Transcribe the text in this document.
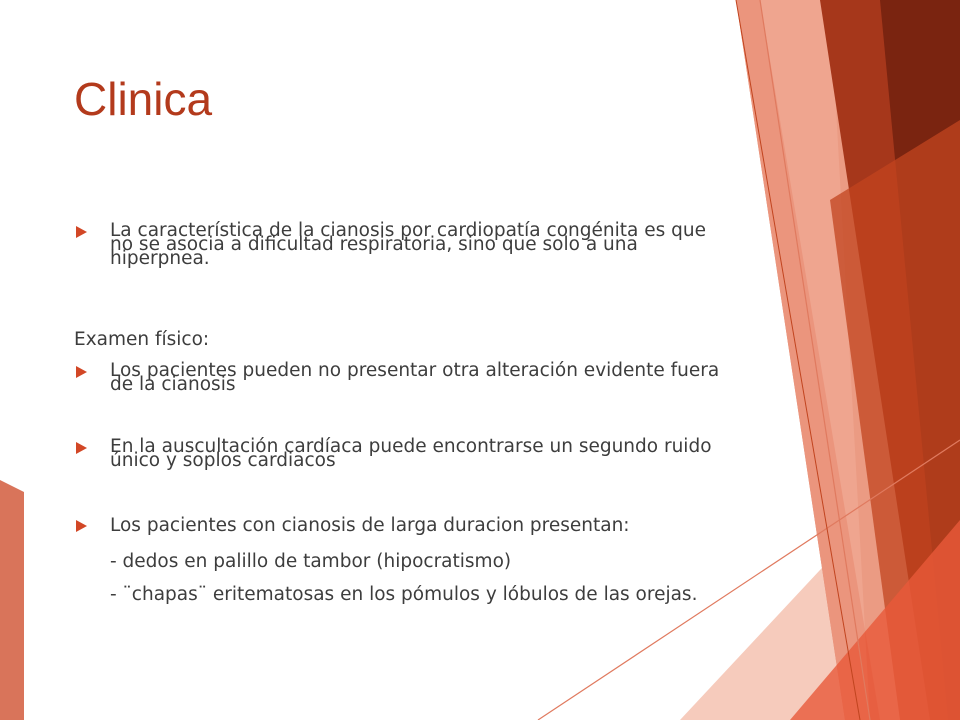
Clinica
La característica de la cianosis por cardiopatía congénita es que no se asocia a dificultad respiratoria, sino que solo a una hiperpnea.
Examen físico:
Los pacientes pueden no presentar otra alteración evidente fuera de la cianosis
En la auscultación cardíaca puede encontrarse un segundo ruido único y soplos cardiacos
Los pacientes con cianosis de larga duracion presentan:
- dedos en palillo de tambor (hipocratismo)
- ¨chapas¨ eritematosas en los pómulos y lóbulos de las orejas.
